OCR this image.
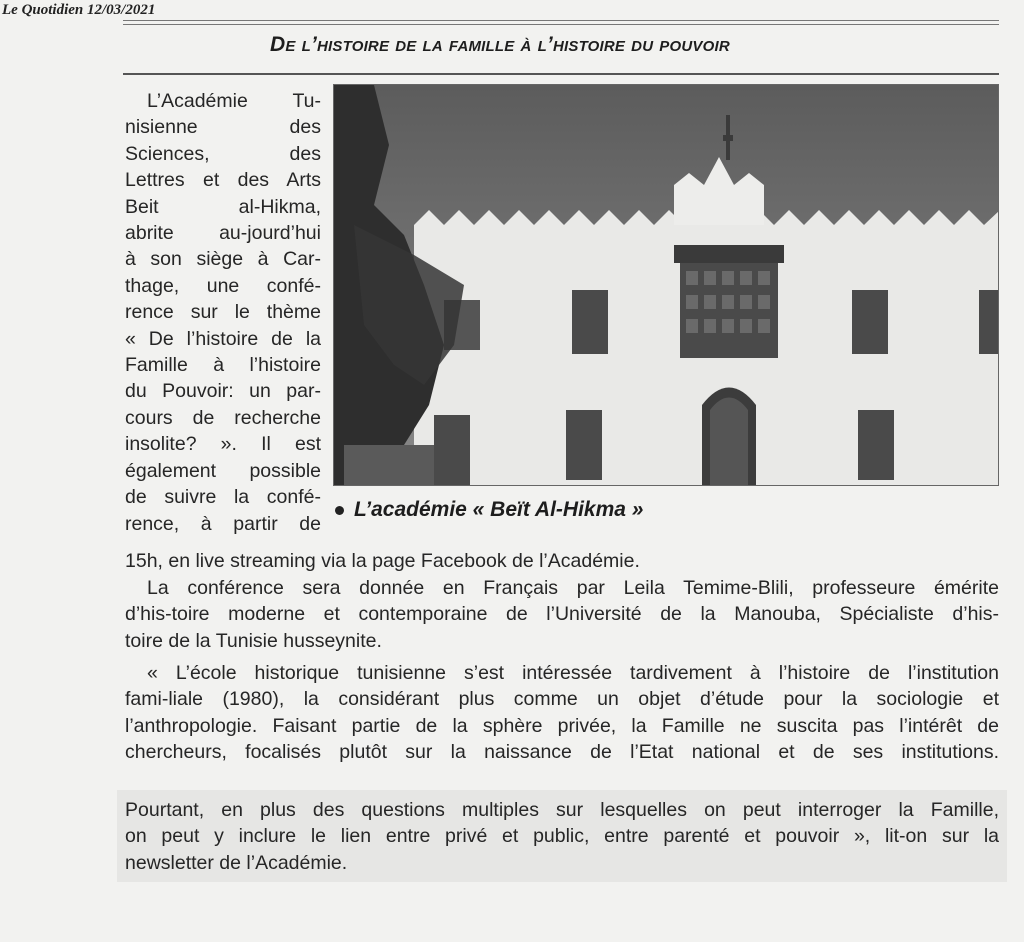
Le Quotidien 12/03/2021
De l’histoire de la famille à l’histoire du pouvoir
L’Académie Tu-
nisienne des
Sciences, des
Lettres et des Arts
Beit al-Hikma,
abrite au-jourd’hui
à son siège à Car-
thage, une confé-
rence sur le thème
« De l’histoire de la
Famille à l’histoire
du Pouvoir: un par-
cours de recherche
insolite? ». Il est
également possible
de suivre la confé-
rence, à partir de
L’académie « Beït Al-Hikma »
15h, en live streaming via la page Facebook de l’Académie.
La conférence sera donnée en Français par Leila Temime-Blili, professeure émérite
d’his-toire moderne et contemporaine de l’Université de la Manouba, Spécialiste d’his-
toire de la Tunisie husseynite.
« L’école historique tunisienne s’est intéressée tardivement à l’histoire de l’institution
fami-liale (1980), la considérant plus comme un objet d’étude pour la sociologie et
l’anthropologie. Faisant partie de la sphère privée, la Famille ne suscita pas l’intérêt de
chercheurs, focalisés plutôt sur la naissance de l’Etat national et de ses institutions.
Pourtant, en plus des questions multiples sur lesquelles on peut interroger la Famille,
on peut y inclure le lien entre privé et public, entre parenté et pouvoir », lit-on sur la
newsletter de l’Académie.
